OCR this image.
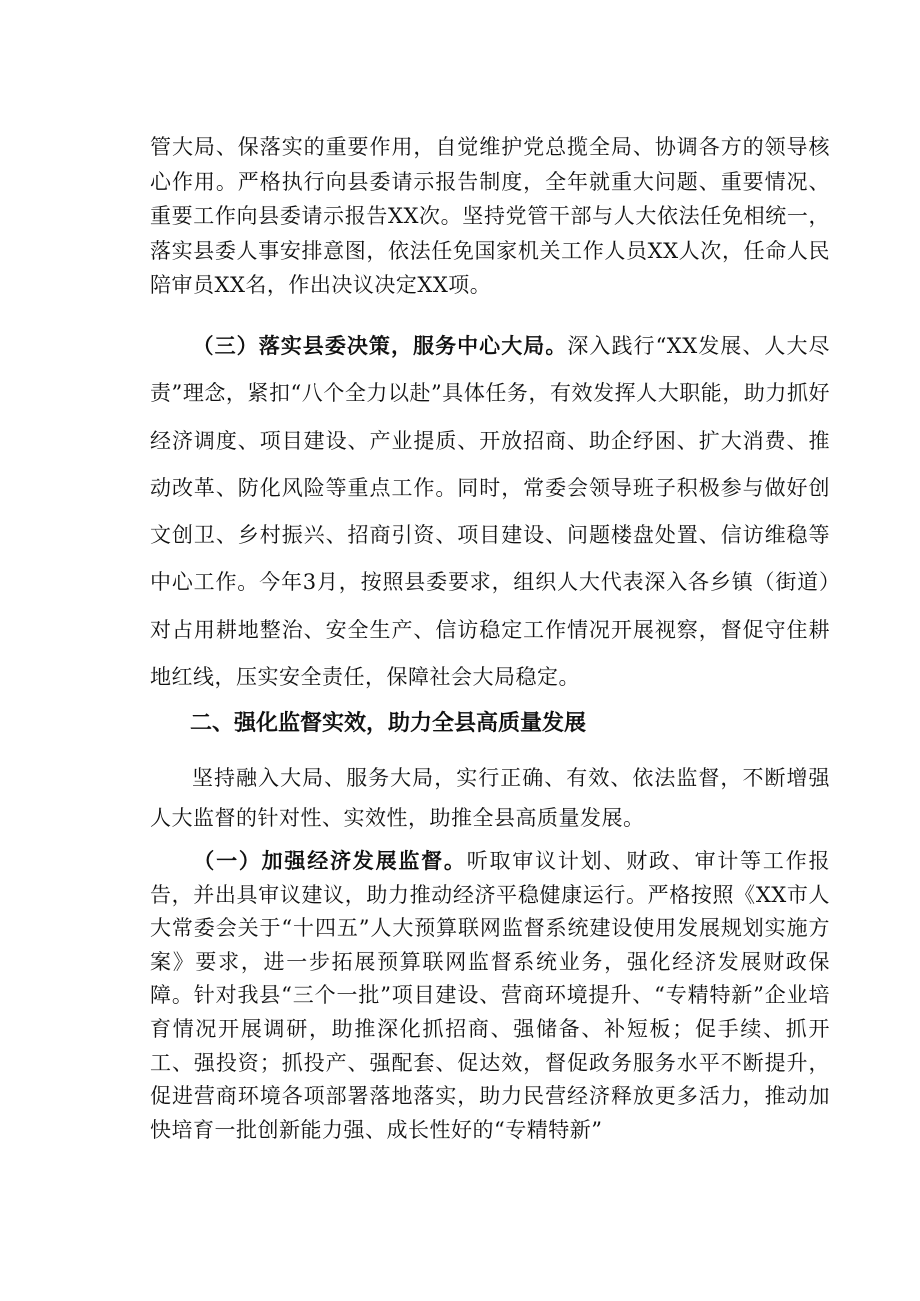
管大局、保落实的重要作用，自觉维护党总揽全局、协调各方的领导核心作用。严格执行向县委请示报告制度，全年就重大问题、重要情况、重要工作向县委请示报告XX次。坚持党管干部与人大依法任免相统一，落实县委人事安排意图，依法任免国家机关工作人员XX人次，任命人民陪审员XX名，作出决议决定XX项。

（三）落实县委决策，服务中心大局。深入践行“XX发展、人大尽责”理念，紧扣“八个全力以赴”具体任务，有效发挥人大职能，助力抓好经济调度、项目建设、产业提质、开放招商、助企纾困、扩大消费、推动改革、防化风险等重点工作。同时，常委会领导班子积极参与做好创文创卫、乡村振兴、招商引资、项目建设、问题楼盘处置、信访维稳等中心工作。今年3月，按照县委要求，组织人大代表深入各乡镇（街道）对占用耕地整治、安全生产、信访稳定工作情况开展视察，督促守住耕地红线，压实安全责任，保障社会大局稳定。

二、强化监督实效，助力全县高质量发展

坚持融入大局、服务大局，实行正确、有效、依法监督，不断增强人大监督的针对性、实效性，助推全县高质量发展。

（一）加强经济发展监督。听取审议计划、财政、审计等工作报告，并出具审议建议，助力推动经济平稳健康运行。严格按照《XX市人大常委会关于“十四五”人大预算联网监督系统建设使用发展规划实施方案》要求，进一步拓展预算联网监督系统业务，强化经济发展财政保障。针对我县“三个一批”项目建设、营商环境提升、“专精特新”企业培育情况开展调研，助推深化抓招商、强储备、补短板；促手续、抓开工、强投资；抓投产、强配套、促达效，督促政务服务水平不断提升，促进营商环境各项部署落地落实，助力民营经济释放更多活力，推动加快培育一批创新能力强、成长性好的“专精特新”
